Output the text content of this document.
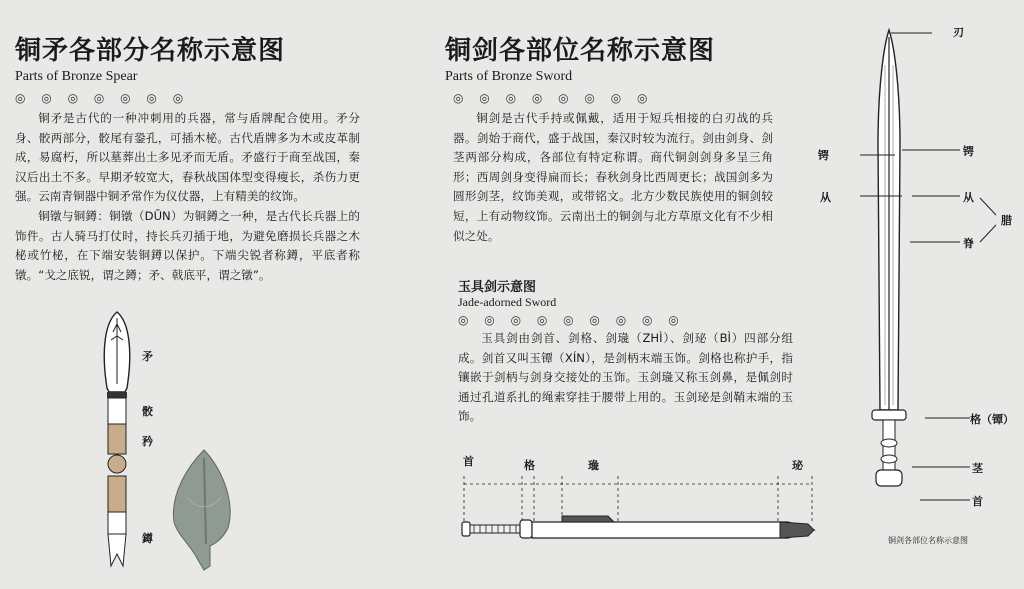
铜矛各部分名称示意图
Parts of Bronze Spear
◎ ◎ ◎ ◎ ◎ ◎ ◎

铜矛是古代的一种冲刺用的兵器，常与盾牌配合使用。矛分身、骹两部分，骹尾有銎孔，可插木柲。古代盾牌多为木或皮革制成，易腐朽，所以墓葬出土多见矛而无盾。矛盛行于商至战国，秦汉后出土不多。早期矛较宽大，春秋战国体型变得瘦长，杀伤力更强。云南青铜器中铜矛常作为仪仗器，上有精美的纹饰。

铜镦与铜鐏：铜镦（DŪN）为铜鐏之一种，是古代长兵器上的饰件。古人骑马打仗时，持长兵刃插于地，为避免磨损长兵器之木柲或竹柲，在下端安装铜鐏以保护。下端尖锐者称鐏，平底者称镦。“戈之底锐，谓之鐏；矛、戟底平，谓之镦”。

矛
骹
矜
鐏
铜剑各部位名称示意图
Parts of Bronze Sword
◎ ◎ ◎ ◎ ◎ ◎ ◎ ◎

铜剑是古代手持或佩戴，适用于短兵相接的白刃战的兵器。剑始于商代，盛于战国，秦汉时较为流行。剑由剑身、剑茎两部分构成，各部位有特定称谓。商代铜剑剑身多呈三角形；西周剑身变得扁而长；春秋剑身比西周更长；战国剑多为圆形剑茎，纹饰美观，或带铭文。北方少数民族使用的铜剑较短，上有动物纹饰。云南出土的铜剑与北方草原文化有不少相似之处。

玉具剑示意图
Jade-adorned Sword
◎ ◎ ◎ ◎ ◎ ◎ ◎ ◎ ◎

玉具剑由剑首、剑格、剑璏（ZHÌ）、剑珌（BÌ）四部分组成。剑首又叫玉镡（XÍN），是剑柄末端玉饰。剑格也称护手，指镶嵌于剑柄与剑身交接处的玉饰。玉剑璏又称玉剑鼻，是佩剑时通过孔道系扎的绳索穿挂于腰带上用的。玉剑珌是剑鞘末端的玉饰。

首	格	璏	珌
刃
锷	锷
从	从
腊
脊
格（镡）
茎
首
铜剑各部位名称示意图
